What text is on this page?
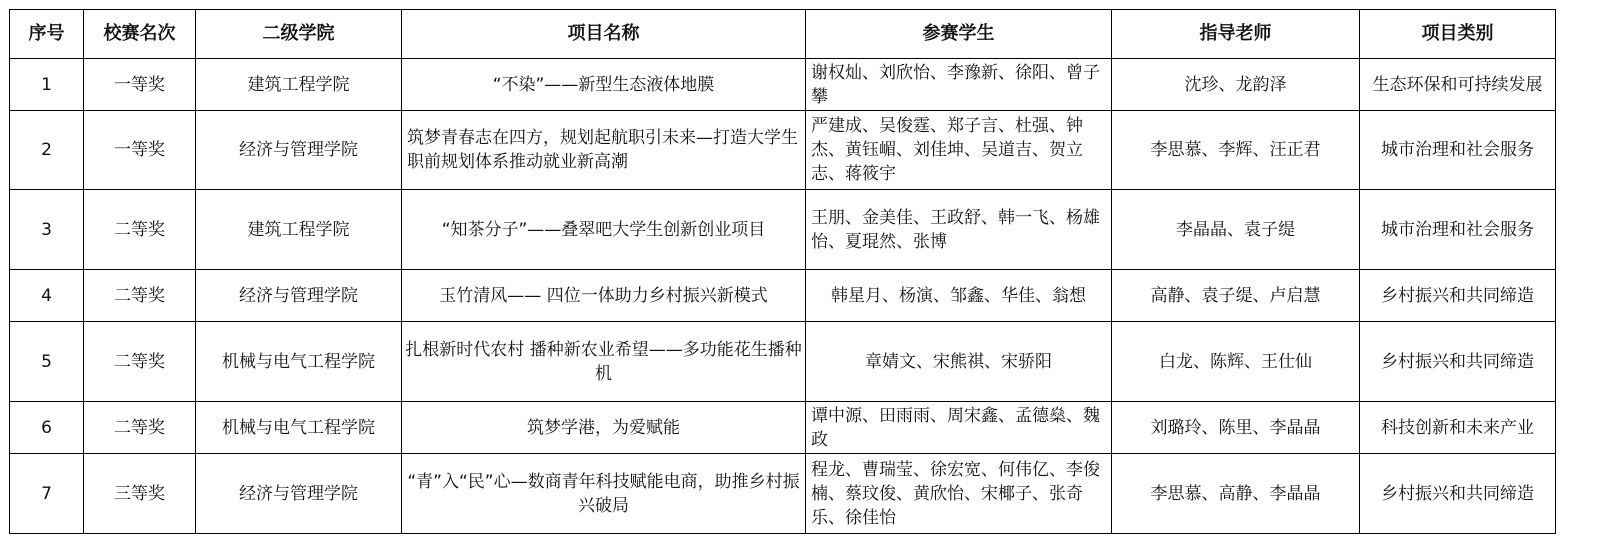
序号	校赛名次	二级学院	项目名称	参赛学生	指导老师	项目类别
1	一等奖	建筑工程学院	“不染”——新型生态液体地膜	谢权灿、刘欣怡、李豫新、徐阳、曾子攀	沈珍、龙韵泽	生态环保和可持续发展
2	一等奖	经济与管理学院	筑梦青春志在四方，规划起航职引未来—打造大学生职前规划体系推动就业新高潮	严建成、吴俊霆、郑子言、杜强、钟杰、黄钰嵋、刘佳坤、吴道吉、贺立志、蒋筱宇	李思慕、李辉、汪正君	城市治理和社会服务
3	二等奖	建筑工程学院	“知茶分子”——叠翠吧大学生创新创业项目	王朋、金美佳、王政舒、韩一飞、杨雄怡、夏琨然、张博	李晶晶、袁子缇	城市治理和社会服务
4	二等奖	经济与管理学院	玉竹清风—— 四位一体助力乡村振兴新模式	韩星月、杨演、邹鑫、华佳、翁想	高静、袁子缇、卢启慧	乡村振兴和共同缔造
5	二等奖	机械与电气工程学院	扎根新时代农村 播种新农业希望——多功能花生播种机	章婧文、宋熊祺、宋骄阳	白龙、陈辉、王仕仙	乡村振兴和共同缔造
6	二等奖	机械与电气工程学院	筑梦学港，为爱赋能	谭中源、田雨雨、周宋鑫、孟德燊、魏政	刘璐玲、陈里、李晶晶	科技创新和未来产业
7	三等奖	经济与管理学院	“青”入“民”心—数商青年科技赋能电商，助推乡村振兴破局	程龙、曹瑞莹、徐宏宽、何伟亿、李俊楠、蔡玟俊、黄欣怡、宋椰子、张奇乐、徐佳怡	李思慕、高静、李晶晶	乡村振兴和共同缔造
